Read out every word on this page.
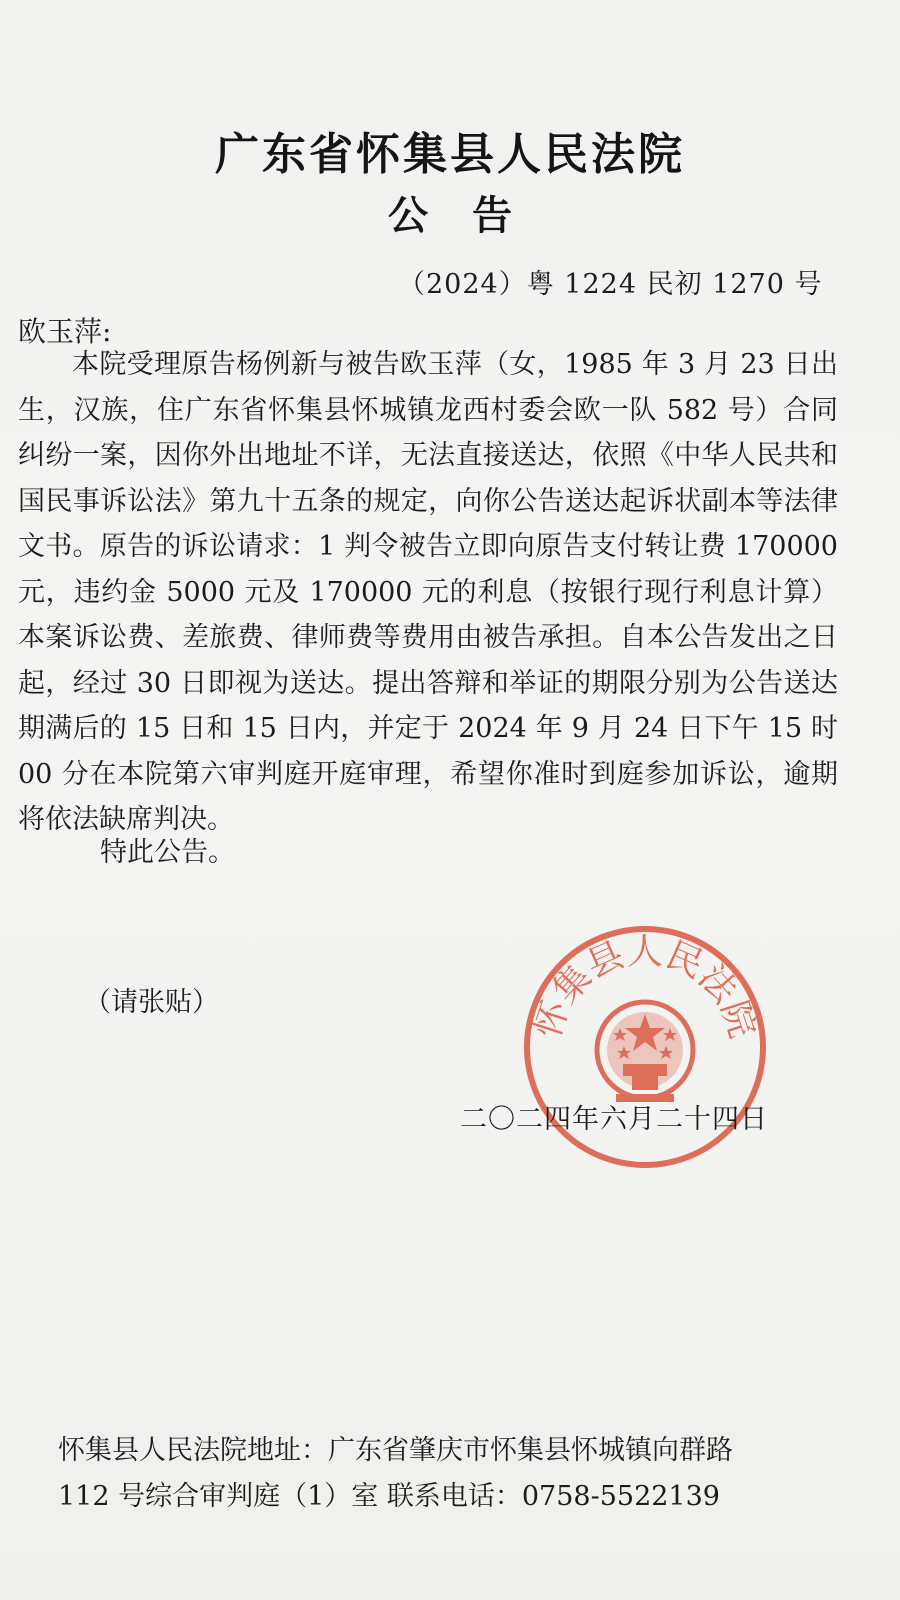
广东省怀集县人民法院
公告
（2024）粤 1224 民初 1270 号
欧玉萍:

本院受理原告杨例新与被告欧玉萍（女，1985 年 3 月 23 日出生，汉族，住广东省怀集县怀城镇龙西村委会欧一队 582 号）合同纠纷一案，因你外出地址不详，无法直接送达，依照《中华人民共和国民事诉讼法》第九十五条的规定，向你公告送达起诉状副本等法律文书。原告的诉讼请求：1 判令被告立即向原告支付转让费 170000 元，违约金 5000 元及 170000 元的利息（按银行现行利息计算）本案诉讼费、差旅费、律师费等费用由被告承担。自本公告发出之日起，经过 30 日即视为送达。提出答辩和举证的期限分别为公告送达期满后的 15 日和 15 日内，并定于 2024 年 9 月 24 日下午 15 时 00 分在本院第六审判庭开庭审理，希望你准时到庭参加诉讼，逾期将依法缺席判决。

特此公告。
（请张贴）	怀集县人民法院
二〇二四年六月二十四日
怀集县人民法院地址：广东省肇庆市怀集县怀城镇向群路
112 号综合审判庭（1）室 联系电话：0758-5522139
